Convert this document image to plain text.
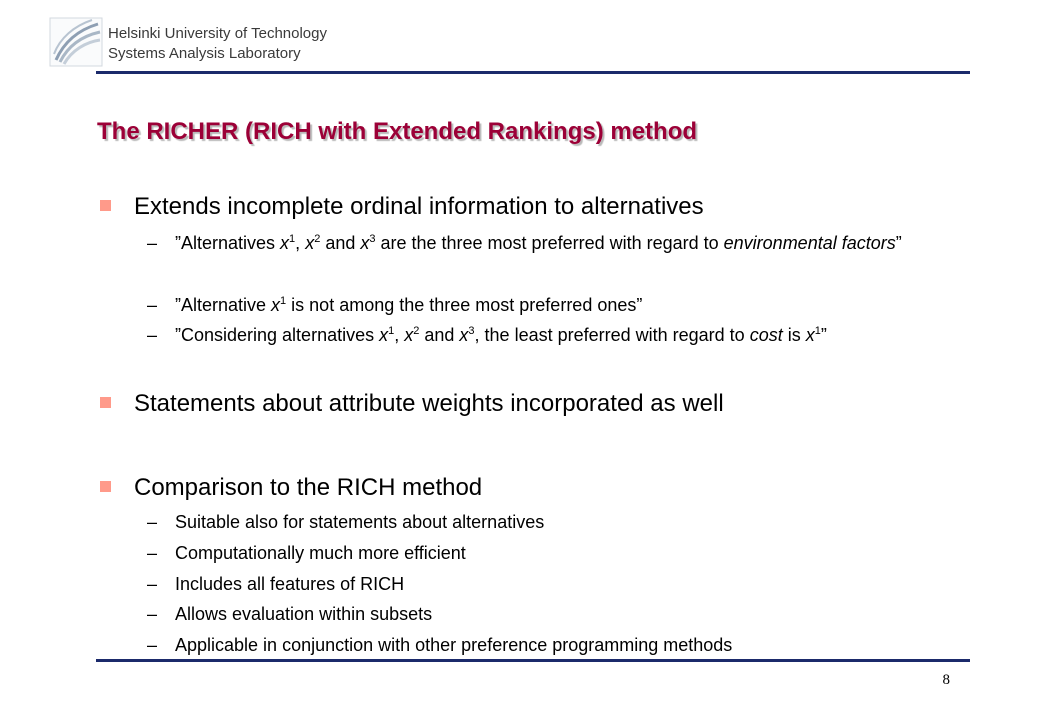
Helsinki University of Technology
Systems Analysis Laboratory
The RICHER (RICH with Extended Rankings) method
Extends incomplete ordinal information to alternatives
– ”Alternatives $x^1$, $x^2$ and $x^3$ are the three most preferred with regard to environmental factors”
– ”Alternative $x^1$ is not among the three most preferred ones”
– ”Considering alternatives $x^1$, $x^2$ and $x^3$, the least preferred with regard to cost is $x^1$”
Statements about attribute weights incorporated as well
Comparison to the RICH method
– Suitable also for statements about alternatives
– Computationally much more efficient
– Includes all features of RICH
– Allows evaluation within subsets
– Applicable in conjunction with other preference programming methods
8
